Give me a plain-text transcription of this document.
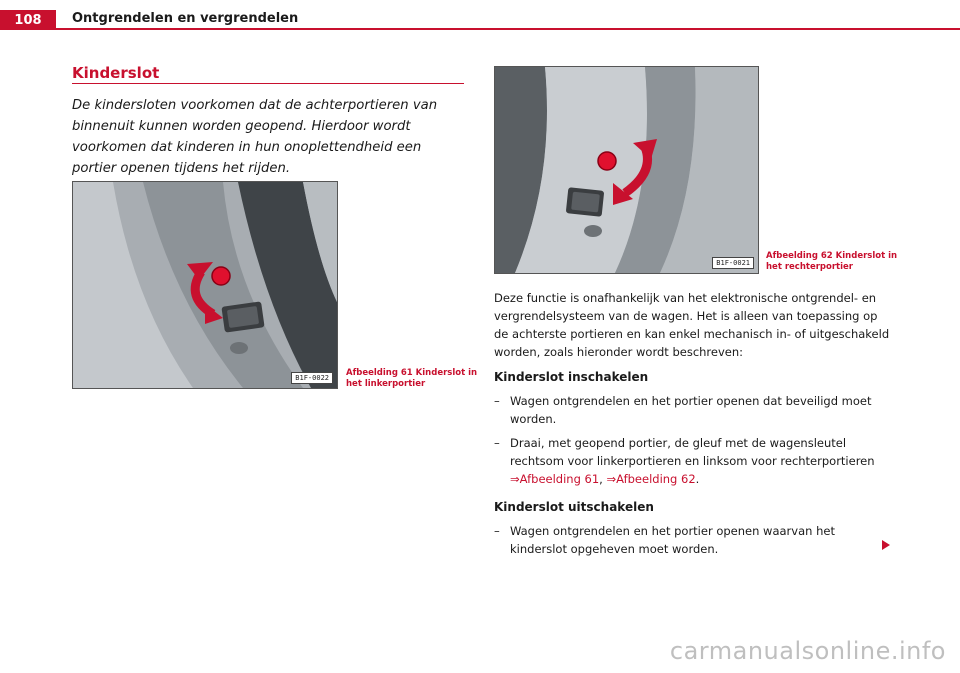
108	Ontgrendelen en vergrendelen
Kinderslot
De kindersloten voorkomen dat de achterportieren van binnenuit kunnen worden geopend. Hierdoor wordt voorkomen dat kinderen in hun onoplettendheid een portier openen tijdens het rijden.
B1F-0022	Afbeelding 61 Kinderslot in het linkerportier
B1F-0021
Afbeelding 62 Kinderslot in het rechterportier
Deze functie is onafhankelijk van het elektronische ontgrendel- en vergrendelsysteem van de wagen. Het is alleen van toepassing op de achterste portieren en kan enkel mechanisch in- of uitgeschakeld worden, zoals hieronder wordt beschreven:
Kinderslot inschakelen
– Wagen ontgrendelen en het portier openen dat beveiligd moet worden.
– Draai, met geopend portier, de gleuf met de wagensleutel rechtsom voor linkerportieren en linksom voor rechterportieren
⇒Afbeelding 61, ⇒Afbeelding 62.
Kinderslot uitschakelen
– Wagen ontgrendelen en het portier openen waarvan het kinderslot opgeheven moet worden.
carmanualsonline.info
